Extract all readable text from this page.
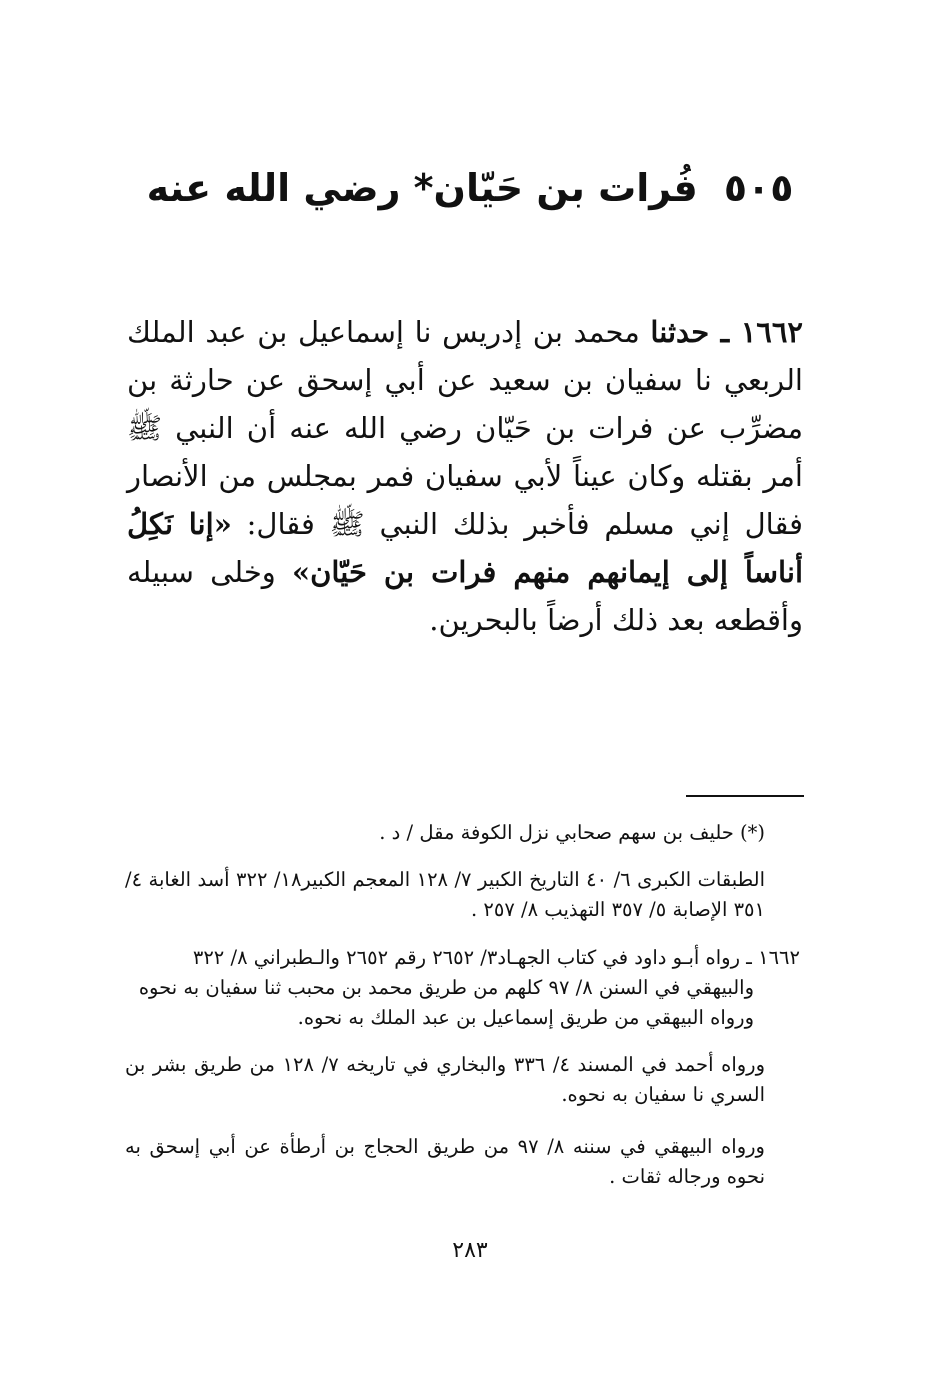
٥٠٥فُرات بن حَيّان* رضي الله عنه
١٦٦٢ ـ حدثنا محمد بن إدريس نا إسماعيل بن عبد الملك الربعي نا سفيان بن سعيد عن أبي إسحق عن حارثة بن مضرِّب عن فرات بن حَيّان رضي الله عنه أن النبي ﷺ أمر بقتله وكان عيناً لأبي سفيان فمر بمجلس من الأنصار فقال إني مسلم فأخبر بذلك النبي ﷺ فقال: «إنا نَكِلُ أناساً إلى إيمانهم منهم فرات بن حَيّان» وخلى سبيله وأقطعه بعد ذلك أرضاً بالبحرين.
(*) حليف بن سهم صحابي نزل الكوفة مقل / د .
الطبقات الكبرى ٦/ ٤٠ التاريخ الكبير ٧/ ١٢٨ المعجم الكبير١٨/ ٣٢٢ أسد الغابة ٤/ ٣٥١ الإصابة ٥/ ٣٥٧ التهذيب ٨/ ٢٥٧ .
١٦٦٢ ـ رواه أبـو داود في كتاب الجهـاد٣/ ٢٦٥٢ رقم ٢٦٥٢ والـطبراني ٨/ ٣٢٢
والبيهقي في السنن ٨/ ٩٧ كلهم من طريق محمد بن محبب ثنا سفيان به نحوه ورواه البيهقي من طريق إسماعيل بن عبد الملك به نحوه.
ورواه أحمد في المسند ٤/ ٣٣٦ والبخاري في تاريخه ٧/ ١٢٨ من طريق بشر بن السري نا سفيان به نحوه.
ورواه البيهقي في سننه ٨/ ٩٧ من طريق الحجاج بن أرطأة عن أبي إسحق به نحوه ورجاله ثقات .
٢٨٣
